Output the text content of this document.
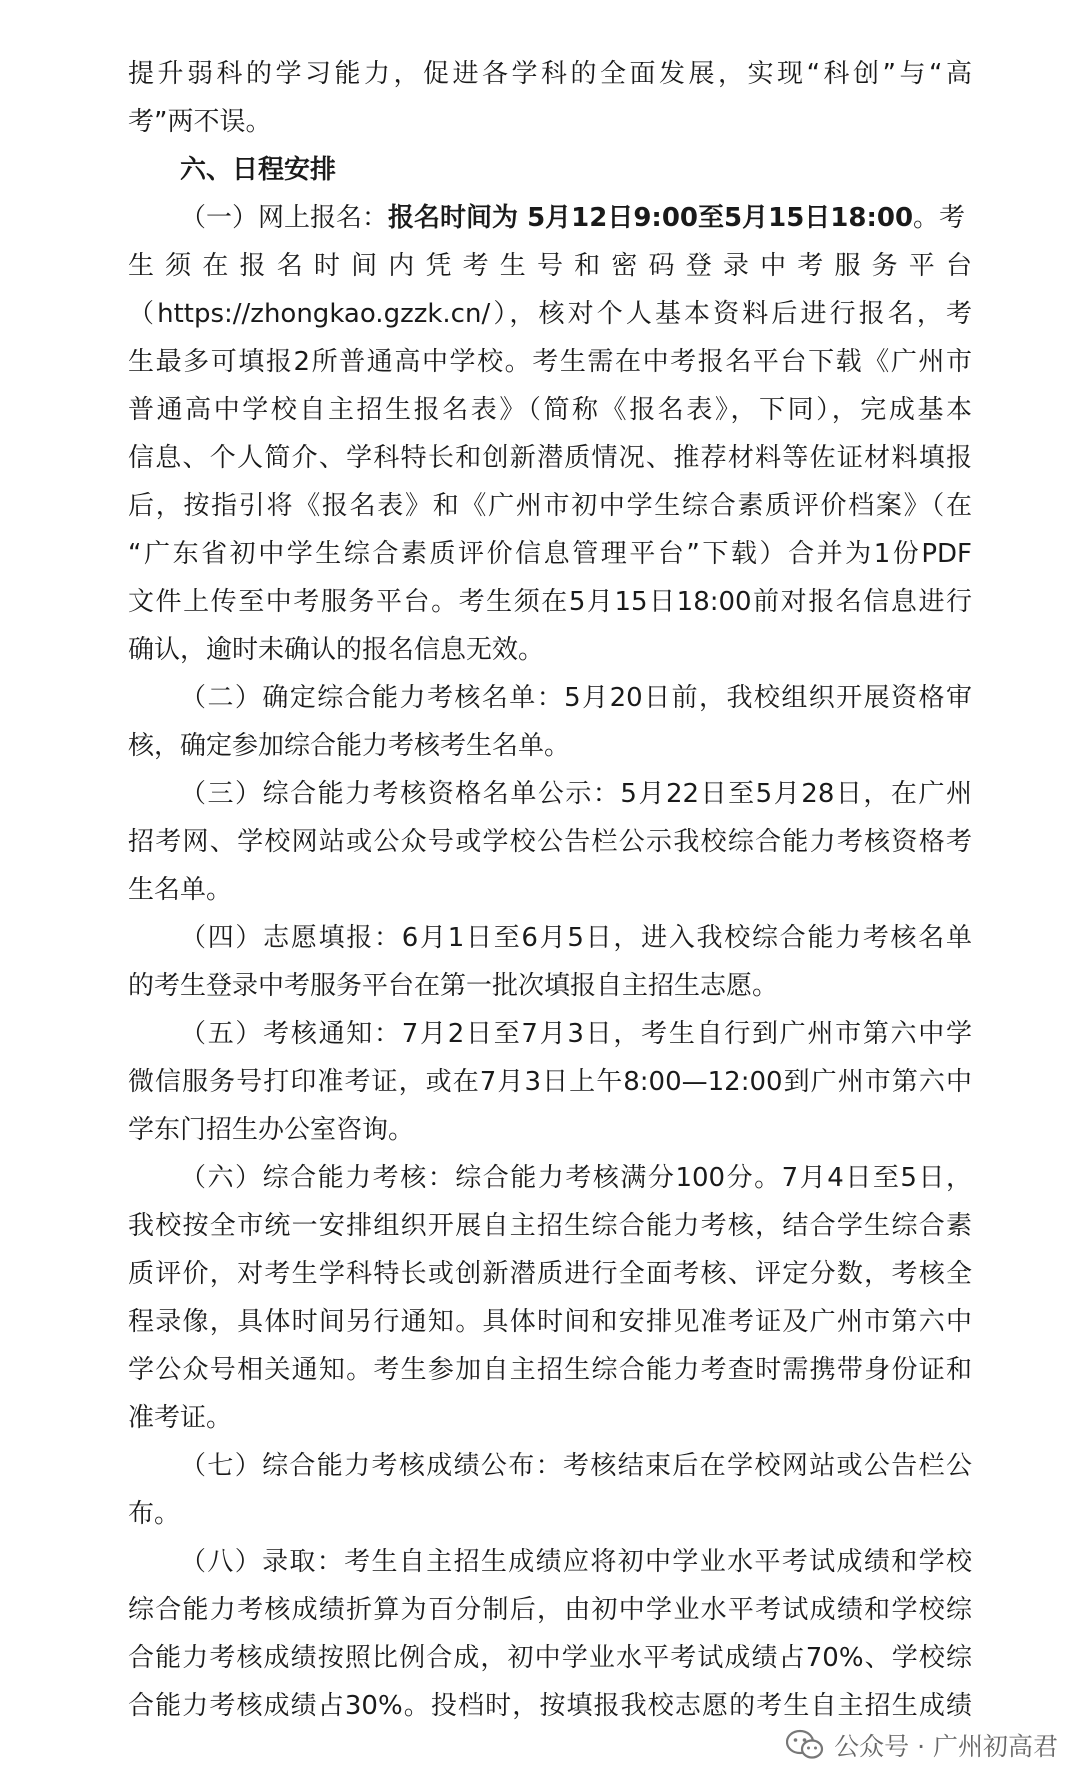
提升弱科的学习能力，促进各学科的全面发展，实现“科创”与“高
考”两不误。
六、日程安排
（一）网上报名：报名时间为 5月12日9:00至5月15日18:00。考
生须在报名时间内凭考生号和密码登录中考服务平台
（https://zhongkao.gzzk.cn/），核对个人基本资料后进行报名，考
生最多可填报2所普通高中学校。考生需在中考报名平台下载《广州市
普通高中学校自主招生报名表》（简称《报名表》，下同），完成基本
信息、个人简介、学科特长和创新潜质情况、推荐材料等佐证材料填报
后，按指引将《报名表》和《广州市初中学生综合素质评价档案》（在
“广东省初中学生综合素质评价信息管理平台”下载）合并为1份PDF
文件上传至中考服务平台。考生须在5月15日18:00前对报名信息进行
确认，逾时未确认的报名信息无效。
（二）确定综合能力考核名单：5月20日前，我校组织开展资格审
核，确定参加综合能力考核考生名单。
（三）综合能力考核资格名单公示：5月22日至5月28日，在广州
招考网、学校网站或公众号或学校公告栏公示我校综合能力考核资格考
生名单。
（四）志愿填报：6月1日至6月5日，进入我校综合能力考核名单
的考生登录中考服务平台在第一批次填报自主招生志愿。
（五）考核通知：7月2日至7月3日，考生自行到广州市第六中学
微信服务号打印准考证，或在7月3日上午8:00—12:00到广州市第六中
学东门招生办公室咨询。
（六）综合能力考核：综合能力考核满分100分。7月4日至5日，
我校按全市统一安排组织开展自主招生综合能力考核，结合学生综合素
质评价，对考生学科特长或创新潜质进行全面考核、评定分数，考核全
程录像，具体时间另行通知。具体时间和安排见准考证及广州市第六中
学公众号相关通知。考生参加自主招生综合能力考查时需携带身份证和
准考证。
（七）综合能力考核成绩公布：考核结束后在学校网站或公告栏公
布。
（八）录取：考生自主招生成绩应将初中学业水平考试成绩和学校
综合能力考核成绩折算为百分制后，由初中学业水平考试成绩和学校综
合能力考核成绩按照比例合成，初中学业水平考试成绩占70%、学校综
合能力考核成绩占30%。投档时，按填报我校志愿的考生自主招生成绩
公众号 · 广州初高君
